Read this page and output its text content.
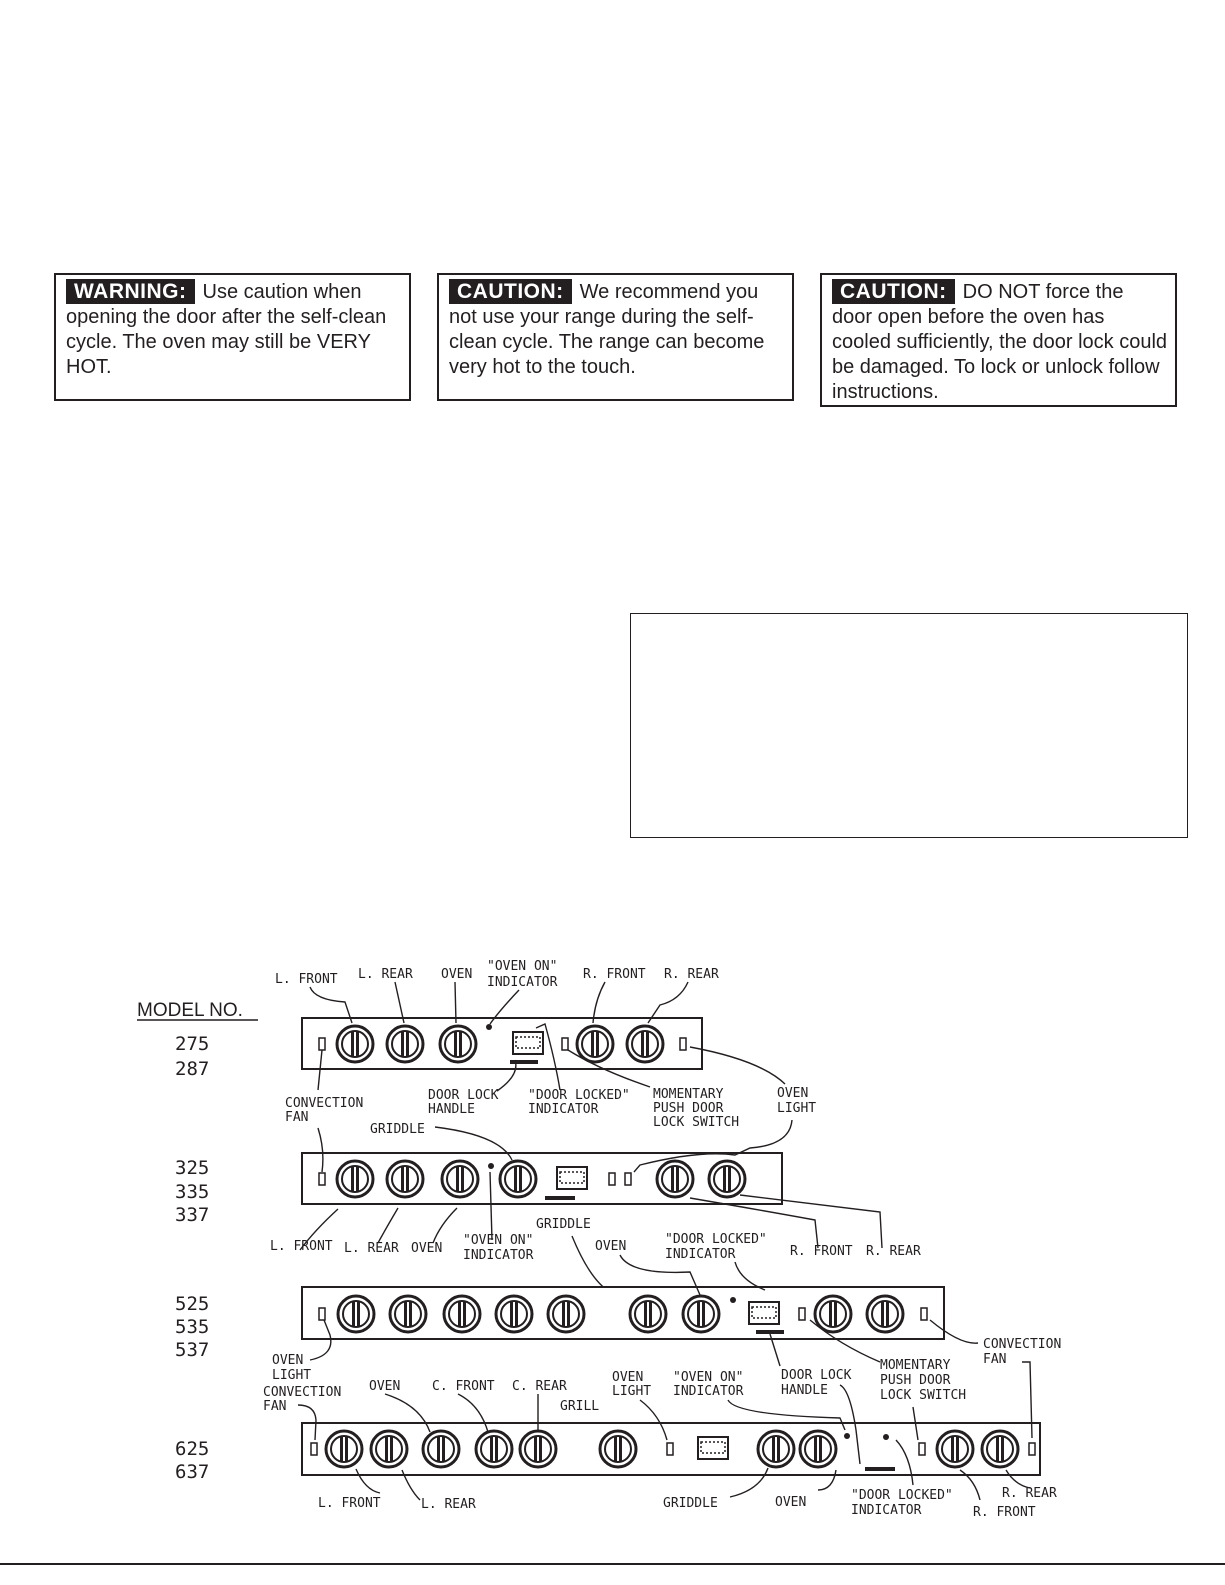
WARNING: Use caution when opening the door after the self-clean cycle. The oven may still be VERY HOT.
CAUTION: We recommend you not use your range during the self-clean cycle. The range can become very hot to the touch.
CAUTION: DO NOT force the door open before the oven has cooled sufficiently, the door lock could be damaged. To lock or unlock follow instructions.
MODEL NO.
275
287
L. FRONT L. REAR OVEN
"OVEN ON"
INDICATOR
R. FRONT R. REAR
CONVECTION
FAN
DOOR LOCK
HANDLE
"DOOR LOCKED"
INDICATOR
MOMENTARY
PUSH DOOR
LOCK SWITCH
OVEN
LIGHT
325
335
337
GRIDDLE
GRIDDLE
L. FRONT L. REAR OVEN
"OVEN ON"
INDICATOR	R. FRONT R. REAR
525
535
537
OVEN	"DOOR LOCKED"
INDICATOR
CONVECTION
FAN
OVEN
LIGHT
MOMENTARY
PUSH DOOR
LOCK SWITCH
DOOR LOCK
HANDLE
625
637
CONVECTION
FAN
OVEN C. FRONT C. REAR
GRILL
OVEN
LIGHT
"OVEN ON"
INDICATOR
L. FRONT	L. REAR	GRIDDLE	OVEN	"DOOR LOCKED"
INDICATOR
R. REAR
R. FRONT
